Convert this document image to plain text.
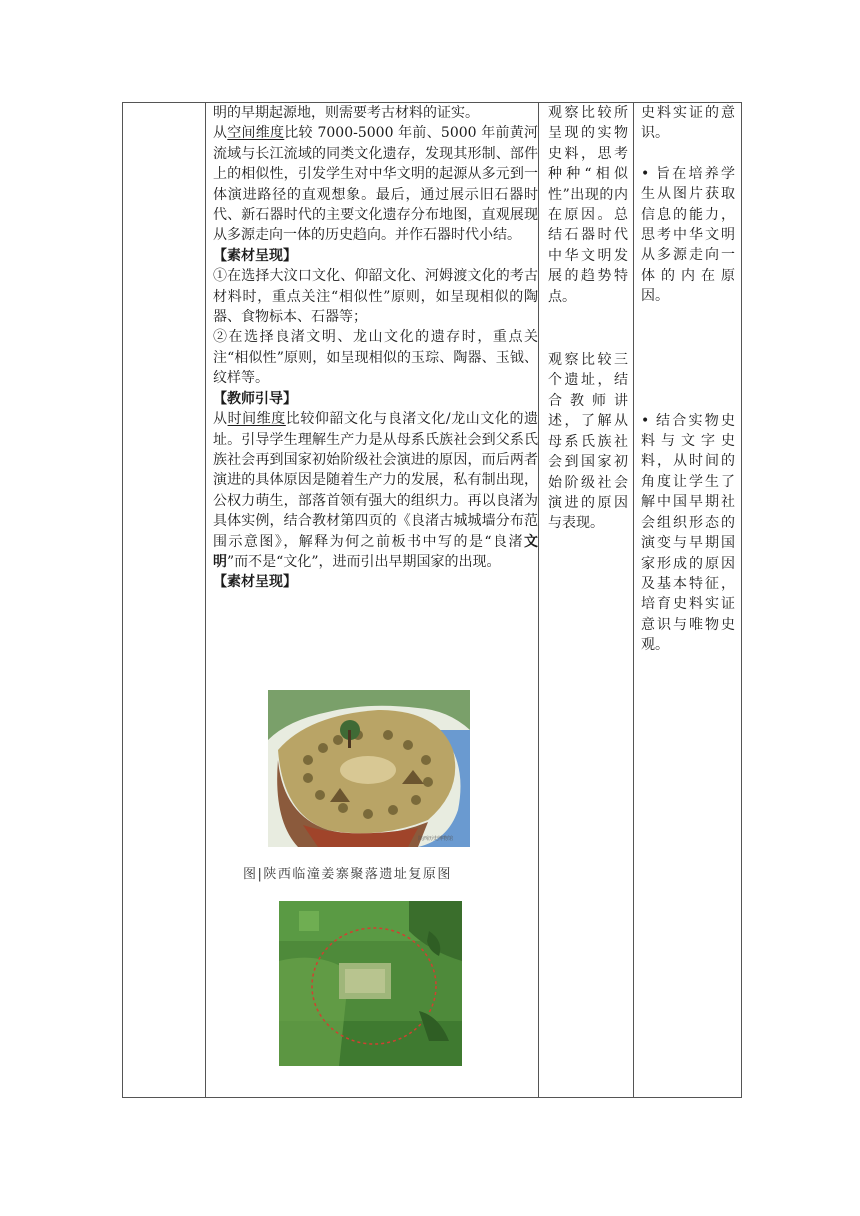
明的早期起源地，则需要考古材料的证实。

从空间维度比较 7000-5000 年前、5000 年前黄河流域与长江流域的同类文化遗存，发现其形制、部件上的相似性，引发学生对中华文明的起源从多元到一体演进路径的直观想象。最后，通过展示旧石器时代、新石器时代的主要文化遗存分布地图，直观展现从多源走向一体的历史趋向。并作石器时代小结。

【素材呈现】

①在选择大汶口文化、仰韶文化、河姆渡文化的考古材料时，重点关注“相似性”原则，如呈现相似的陶器、食物标本、石器等；

②在选择良渚文明、龙山文化的遗存时，重点关注“相似性”原则，如呈现相似的玉琮、陶器、玉钺、纹样等。

【教师引导】

从时间维度比较仰韶文化与良渚文化/龙山文化的遗址。引导学生理解生产力是从母系氏族社会到父系氏族社会再到国家初始阶级社会演进的原因，而后两者演进的具体原因是随着生产力的发展，私有制出现，公权力萌生，部落首领有强大的组织力。再以良渚为具体实例，结合教材第四页的《良渚古城城墙分布范围示意图》，解释为何之前板书中写的是“良渚文明”而不是“文化”，进而引出早期国家的出现。

【素材呈现】

陕西历史博物馆
图|陕西临潼姜寨聚落遗址复原图

观察比较所呈现的实物史料，思考种种“相似性”出现的内在原因。总结石器时代中华文明发展的趋势特点。

观察比较三个遗址，结合教师讲述，了解从母系氏族社会到国家初始阶级社会演进的原因与表现。

史料实证的意识。

• 旨在培养学生从图片获取信息的能力，思考中华文明从多源走向一体的内在原因。

• 结合实物史料与文字史料，从时间的角度让学生了解中国早期社会组织形态的演变与早期国家形成的原因及基本特征，培育史料实证意识与唯物史观。
